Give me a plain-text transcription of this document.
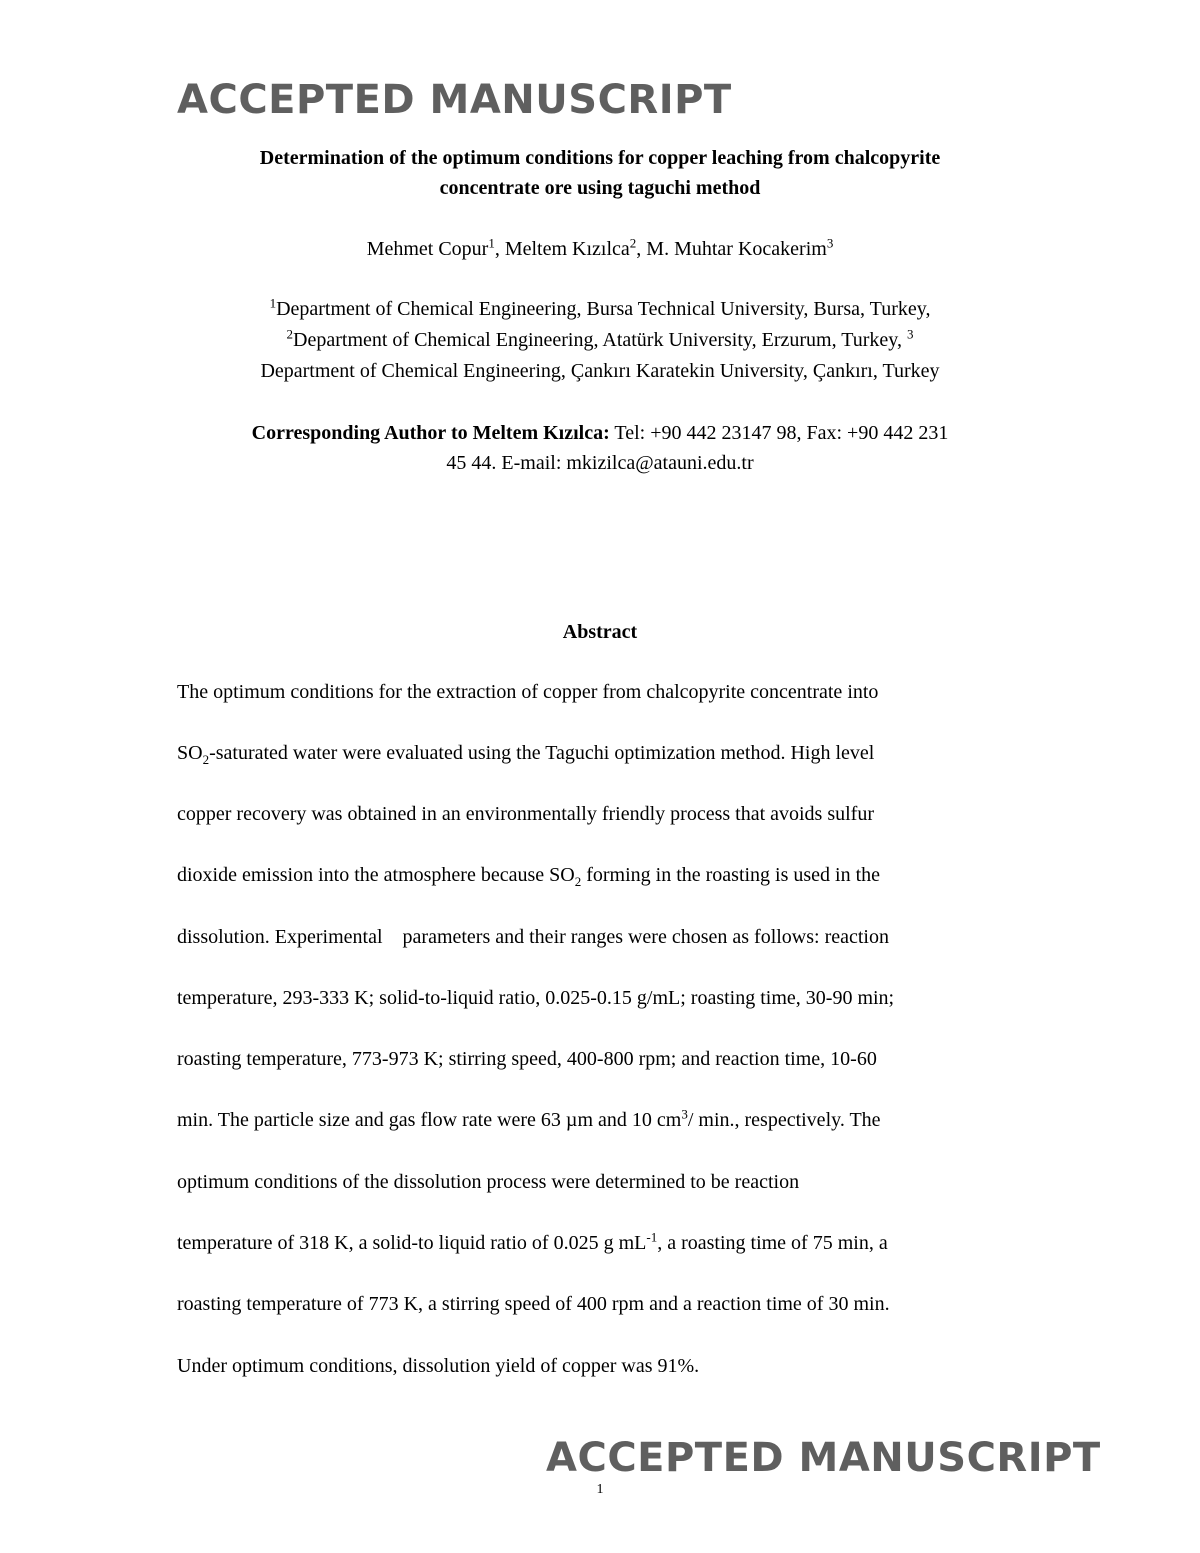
ACCEPTED MANUSCRIPT
Determination of the optimum conditions for copper leaching from chalcopyrite
concentrate ore using taguchi method
Mehmet Copur$^1$, Meltem Kızılca$^2$, M. Muhtar Kocakerim$^3$
$^1$Department of Chemical Engineering, Bursa Technical University, Bursa, Turkey,
$^2$Department of Chemical Engineering, Atatürk University, Erzurum, Turkey, $^3$
Department of Chemical Engineering, Çankırı Karatekin University, Çankırı, Turkey
Corresponding Author to Meltem Kızılca: Tel: +90 442 23147 98, Fax: +90 442 231
45 44. E-mail: mkizilca@atauni.edu.tr
Abstract
The optimum conditions for the extraction of copper from chalcopyrite concentrate into
$SO_2$-saturated water were evaluated using the Taguchi optimization method. High level
copper recovery was obtained in an environmentally friendly process that avoids sulfur
dioxide emission into the atmosphere because $SO_2$ forming in the roasting is used in the
dissolution. Experimental    parameters and their ranges were chosen as follows: reaction
temperature, 293-333 K; solid-to-liquid ratio, 0.025-0.15 g/mL; roasting time, 30-90 min;
roasting temperature, 773-973 K; stirring speed, 400-800 rpm; and reaction time, 10-60
min. The particle size and gas flow rate were 63 µm and 10 $cm^3/$ min., respectively. The
optimum conditions of the dissolution process were determined to be reaction
temperature of 318 K, a solid-to liquid ratio of 0.025 g $mL^{-1}$, a roasting time of 75 min, a
roasting temperature of 773 K, a stirring speed of 400 rpm and a reaction time of 30 min.
Under optimum conditions, dissolution yield of copper was 91%.
ACCEPTED MANUSCRIPT
1
